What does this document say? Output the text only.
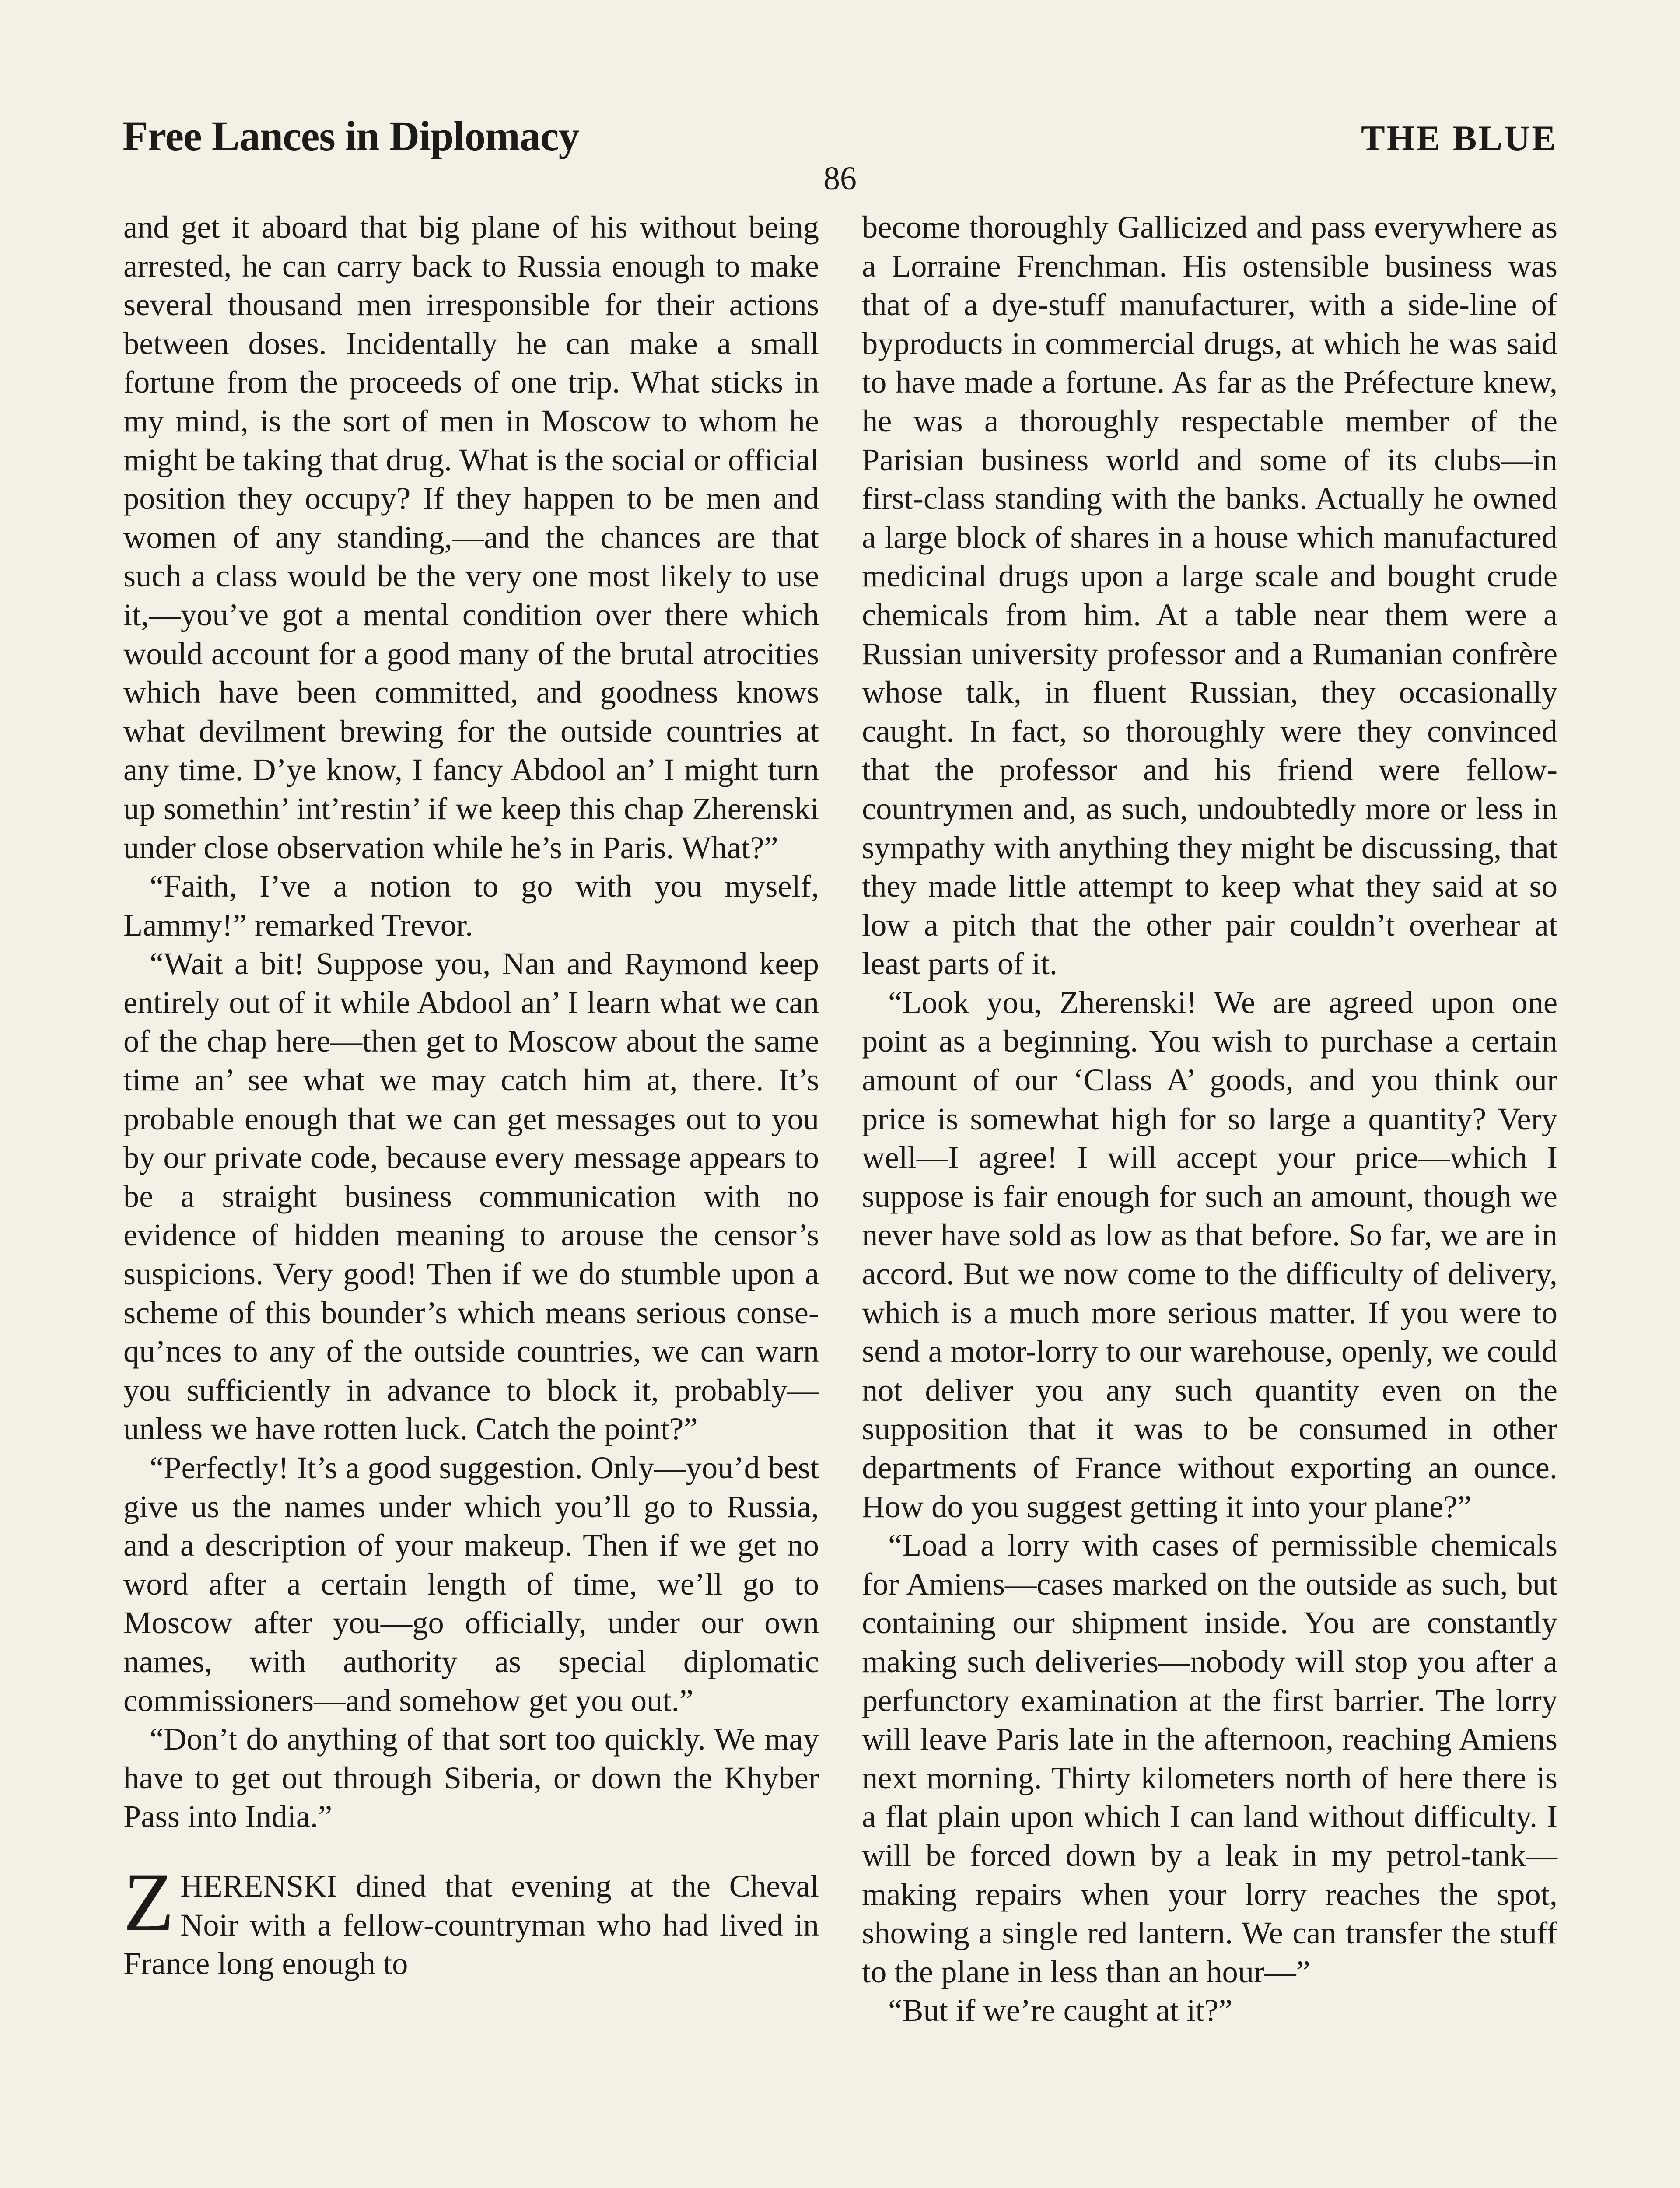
Free Lances in Diplomacy	THE BLUE
86

and get it aboard that big plane of his without being arrested, he can carry back to Russia enough to make several thousand men irresponsible for their actions between doses. Incidentally he can make a small fortune from the proceeds of one trip. What sticks in my mind, is the sort of men in Moscow to whom he might be taking that drug. What is the social or official position they occupy? If they happen to be men and women of any standing,—and the chances are that such a class would be the very one most likely to use it,—you’ve got a mental condition over there which would account for a good many of the brutal atrocities which have been committed, and goodness knows what devilment brewing for the outside countries at any time. D’ye know, I fancy Abdool an’ I might turn up somethin’ int’restin’ if we keep this chap Zherenski under close observation while he’s in Paris. What?”

“Faith, I’ve a notion to go with you myself, Lammy!” remarked Trevor.

“Wait a bit! Suppose you, Nan and Raymond keep entirely out of it while Abdool an’ I learn what we can of the chap here—then get to Moscow about the same time an’ see what we may catch him at, there. It’s probable enough that we can get messages out to you by our private code, because every message appears to be a straight business communication with no evidence of hidden meaning to arouse the censor’s suspicions. Very good! Then if we do stumble upon a scheme of this bounder’s which means serious consequ’nces to any of the outside countries, we can warn you sufficiently in advance to block it, probably—unless we have rotten luck. Catch the point?”

“Perfectly! It’s a good suggestion. Only—you’d best give us the names under which you’ll go to Russia, and a description of your makeup. Then if we get no word after a certain length of time, we’ll go to Moscow after you—go officially, under our own names, with authority as special diplomatic commissioners—and somehow get you out.”

“Don’t do anything of that sort too quickly. We may have to get out through Siberia, or down the Khyber Pass into India.”

ZHERENSKI dined that evening at the Cheval Noir with a fellow-countryman who had lived in France long enough to

become thoroughly Gallicized and pass everywhere as a Lorraine Frenchman. His ostensible business was that of a dye-stuff manufacturer, with a side-line of byproducts in commercial drugs, at which he was said to have made a fortune. As far as the Préfecture knew, he was a thoroughly respectable member of the Parisian business world and some of its clubs—in first-class standing with the banks. Actually he owned a large block of shares in a house which manufactured medicinal drugs upon a large scale and bought crude chemicals from him. At a table near them were a Russian university professor and a Rumanian confrère whose talk, in fluent Russian, they occasionally caught. In fact, so thoroughly were they convinced that the professor and his friend were fellow-countrymen and, as such, undoubtedly more or less in sympathy with anything they might be discussing, that they made little attempt to keep what they said at so low a pitch that the other pair couldn’t overhear at least parts of it.

“Look you, Zherenski! We are agreed upon one point as a beginning. You wish to purchase a certain amount of our ‘Class A’ goods, and you think our price is somewhat high for so large a quantity? Very well—I agree! I will accept your price—which I suppose is fair enough for such an amount, though we never have sold as low as that before. So far, we are in accord. But we now come to the difficulty of delivery, which is a much more serious matter. If you were to send a motor-lorry to our warehouse, openly, we could not deliver you any such quantity even on the supposition that it was to be consumed in other departments of France without exporting an ounce. How do you suggest getting it into your plane?”

“Load a lorry with cases of permissible chemicals for Amiens—cases marked on the outside as such, but containing our shipment inside. You are constantly making such deliveries—nobody will stop you after a perfunctory examination at the first barrier. The lorry will leave Paris late in the afternoon, reaching Amiens next morning. Thirty kilometers north of here there is a flat plain upon which I can land without difficulty. I will be forced down by a leak in my petrol-tank—making repairs when your lorry reaches the spot, showing a single red lantern. We can transfer the stuff to the plane in less than an hour—”

“But if we’re caught at it?”
